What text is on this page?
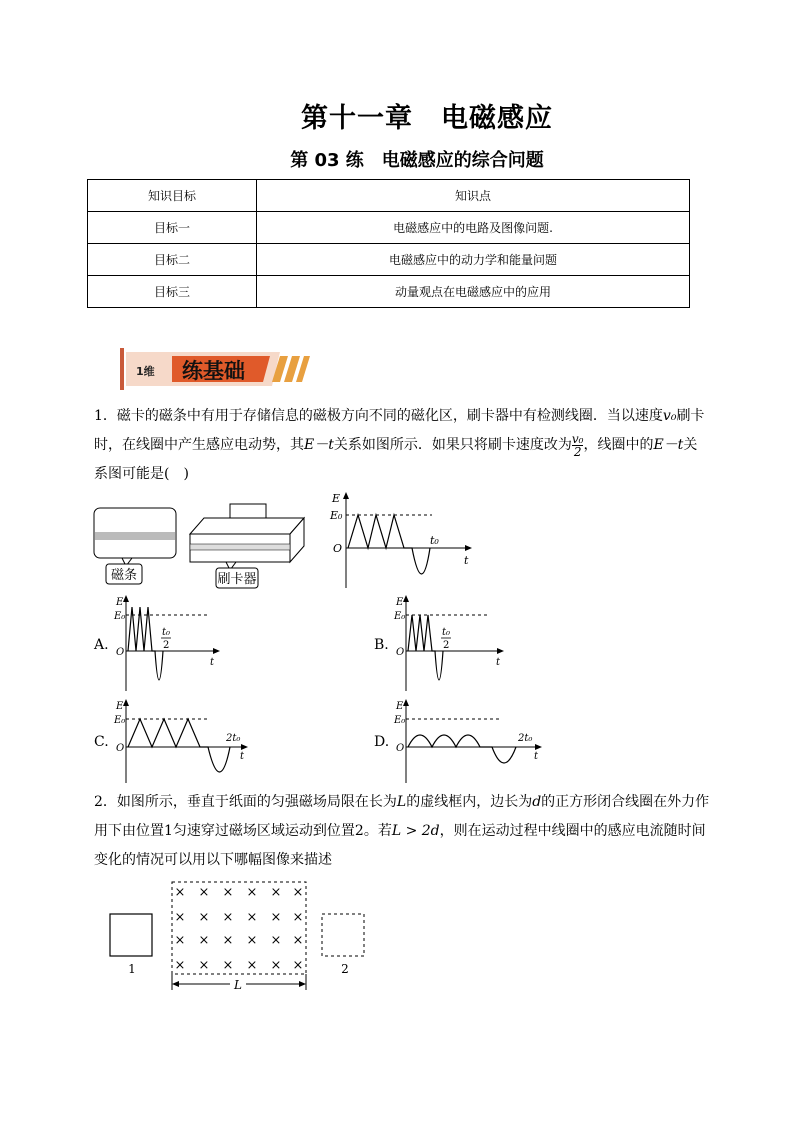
第十一章　电磁感应
第 03 练　电磁感应的综合问题
知识目标	知识点
目标一	电磁感应中的电路及图像问题.
目标二	电磁感应中的动力学和能量问题
目标三	动量观点在电磁感应中的应用
1维 练基础
1．磁卡的磁条中有用于存储信息的磁极方向不同的磁化区，刷卡器中有检测线圈．当以速度v₀刷卡
时，在线圈中产生感应电动势，其E－t关系如图所示．如果只将刷卡速度改为 $\frac{\text{v₀}}{2}$ ，线圈中的E－t关
系图可能是(　)
磁条	刷卡器
E
E₀
O
t₀
t
A.
E
E₀
O
t₀
2
t
B.
E
E₀
O
t₀
2
t
C.
E
E₀
O
2t₀
t
D.
E
E₀
O
2t₀
t
2．如图所示，垂直于纸面的匀强磁场局限在长为L的虚线框内，边长为d的正方形闭合线圈在外力作
用下由位置1匀速穿过磁场区域运动到位置2。若L > 2d，则在运动过程中线圈中的感应电流随时间
变化的情况可以用以下哪幅图像来描述
1
× × × × × ×
× × × × × ×
× × × × × ×
× × × × × ×
L
2
